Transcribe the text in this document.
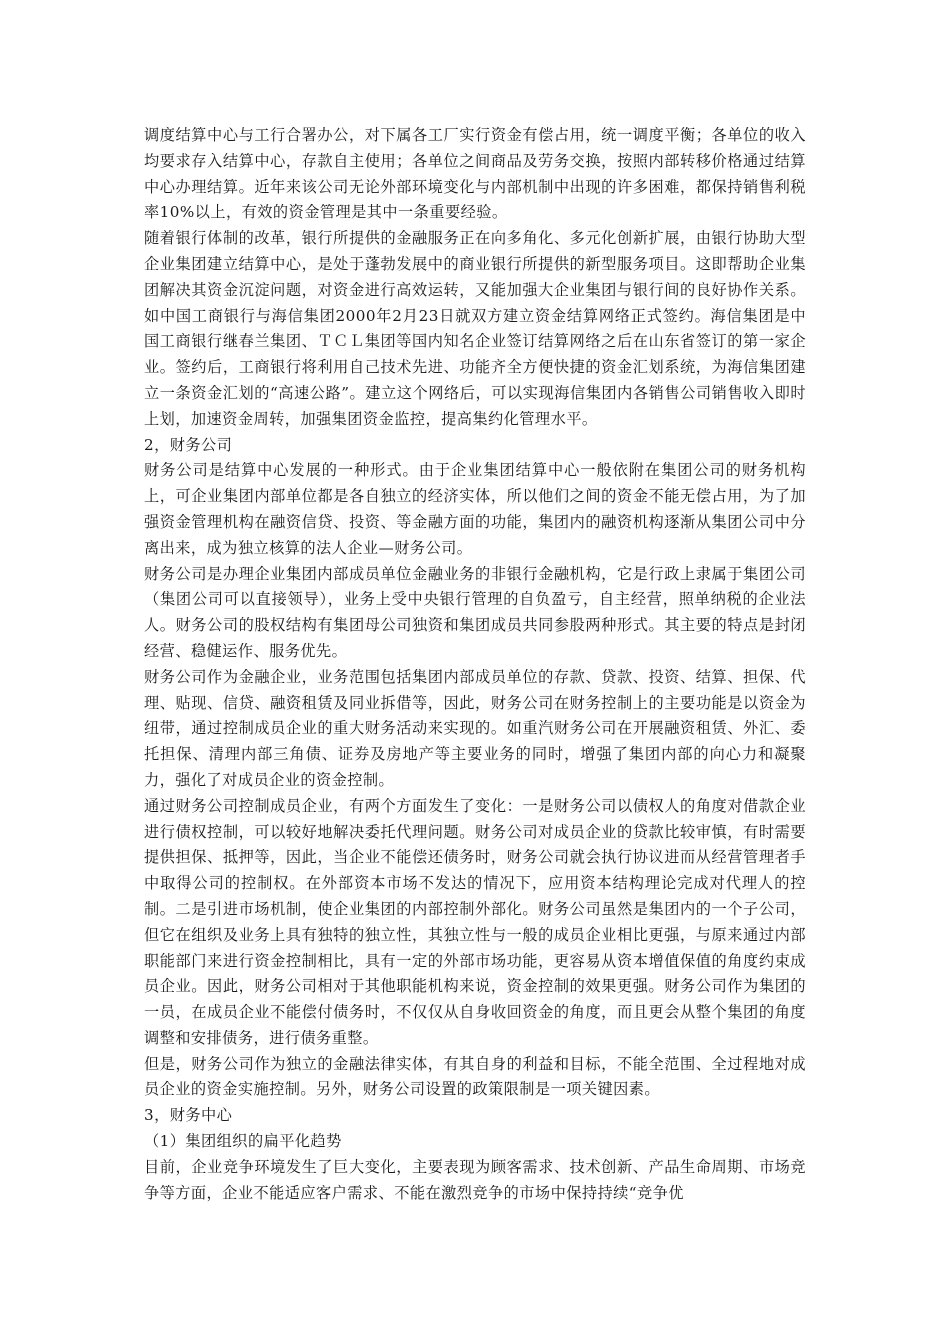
调度结算中心与工行合署办公，对下属各工厂实行资金有偿占用，统一调度平衡；各单位的收入均要求存入结算中心，存款自主使用；各单位之间商品及劳务交换，按照内部转移价格通过结算中心办理结算。近年来该公司无论外部环境变化与内部机制中出现的许多困难，都保持销售利税率10%以上，有效的资金管理是其中一条重要经验。

随着银行体制的改革，银行所提供的金融服务正在向多角化、多元化创新扩展，由银行协助大型企业集团建立结算中心，是处于蓬勃发展中的商业银行所提供的新型服务项目。这即帮助企业集团解决其资金沉淀问题，对资金进行高效运转，又能加强大企业集团与银行间的良好协作关系。如中国工商银行与海信集团2000年2月23日就双方建立资金结算网络正式签约。海信集团是中国工商银行继春兰集团、ＴＣＬ集团等国内知名企业签订结算网络之后在山东省签订的第一家企业。签约后，工商银行将利用自己技术先进、功能齐全方便快捷的资金汇划系统，为海信集团建立一条资金汇划的“高速公路”。建立这个网络后，可以实现海信集团内各销售公司销售收入即时上划，加速资金周转，加强集团资金监控，提高集约化管理水平。

2，财务公司

财务公司是结算中心发展的一种形式。由于企业集团结算中心一般依附在集团公司的财务机构上，可企业集团内部单位都是各自独立的经济实体，所以他们之间的资金不能无偿占用，为了加强资金管理机构在融资信贷、投资、等金融方面的功能，集团内的融资机构逐渐从集团公司中分离出来，成为独立核算的法人企业—财务公司。

财务公司是办理企业集团内部成员单位金融业务的非银行金融机构，它是行政上隶属于集团公司（集团公司可以直接领导），业务上受中央银行管理的自负盈亏，自主经营，照单纳税的企业法人。财务公司的股权结构有集团母公司独资和集团成员共同参股两种形式。其主要的特点是封闭经营、稳健运作、服务优先。

财务公司作为金融企业，业务范围包括集团内部成员单位的存款、贷款、投资、结算、担保、代理、贴现、信贷、融资租赁及同业拆借等，因此，财务公司在财务控制上的主要功能是以资金为纽带，通过控制成员企业的重大财务活动来实现的。如重汽财务公司在开展融资租赁、外汇、委托担保、清理内部三角债、证券及房地产等主要业务的同时，增强了集团内部的向心力和凝聚力，强化了对成员企业的资金控制。

通过财务公司控制成员企业，有两个方面发生了变化：一是财务公司以债权人的角度对借款企业进行债权控制，可以较好地解决委托代理问题。财务公司对成员企业的贷款比较审慎，有时需要提供担保、抵押等，因此，当企业不能偿还债务时，财务公司就会执行协议进而从经营管理者手中取得公司的控制权。在外部资本市场不发达的情况下，应用资本结构理论完成对代理人的控制。二是引进市场机制，使企业集团的内部控制外部化。财务公司虽然是集团内的一个子公司，但它在组织及业务上具有独特的独立性，其独立性与一般的成员企业相比更强，与原来通过内部职能部门来进行资金控制相比，具有一定的外部市场功能，更容易从资本增值保值的角度约束成员企业。因此，财务公司相对于其他职能机构来说，资金控制的效果更强。财务公司作为集团的一员，在成员企业不能偿付债务时，不仅仅从自身收回资金的角度，而且更会从整个集团的角度调整和安排债务，进行债务重整。

但是，财务公司作为独立的金融法律实体，有其自身的利益和目标，不能全范围、全过程地对成员企业的资金实施控制。另外，财务公司设置的政策限制是一项关键因素。

3，财务中心

（1）集团组织的扁平化趋势

目前，企业竞争环境发生了巨大变化，主要表现为顾客需求、技术创新、产品生命周期、市场竞争等方面，企业不能适应客户需求、不能在激烈竞争的市场中保持持续“竞争优
